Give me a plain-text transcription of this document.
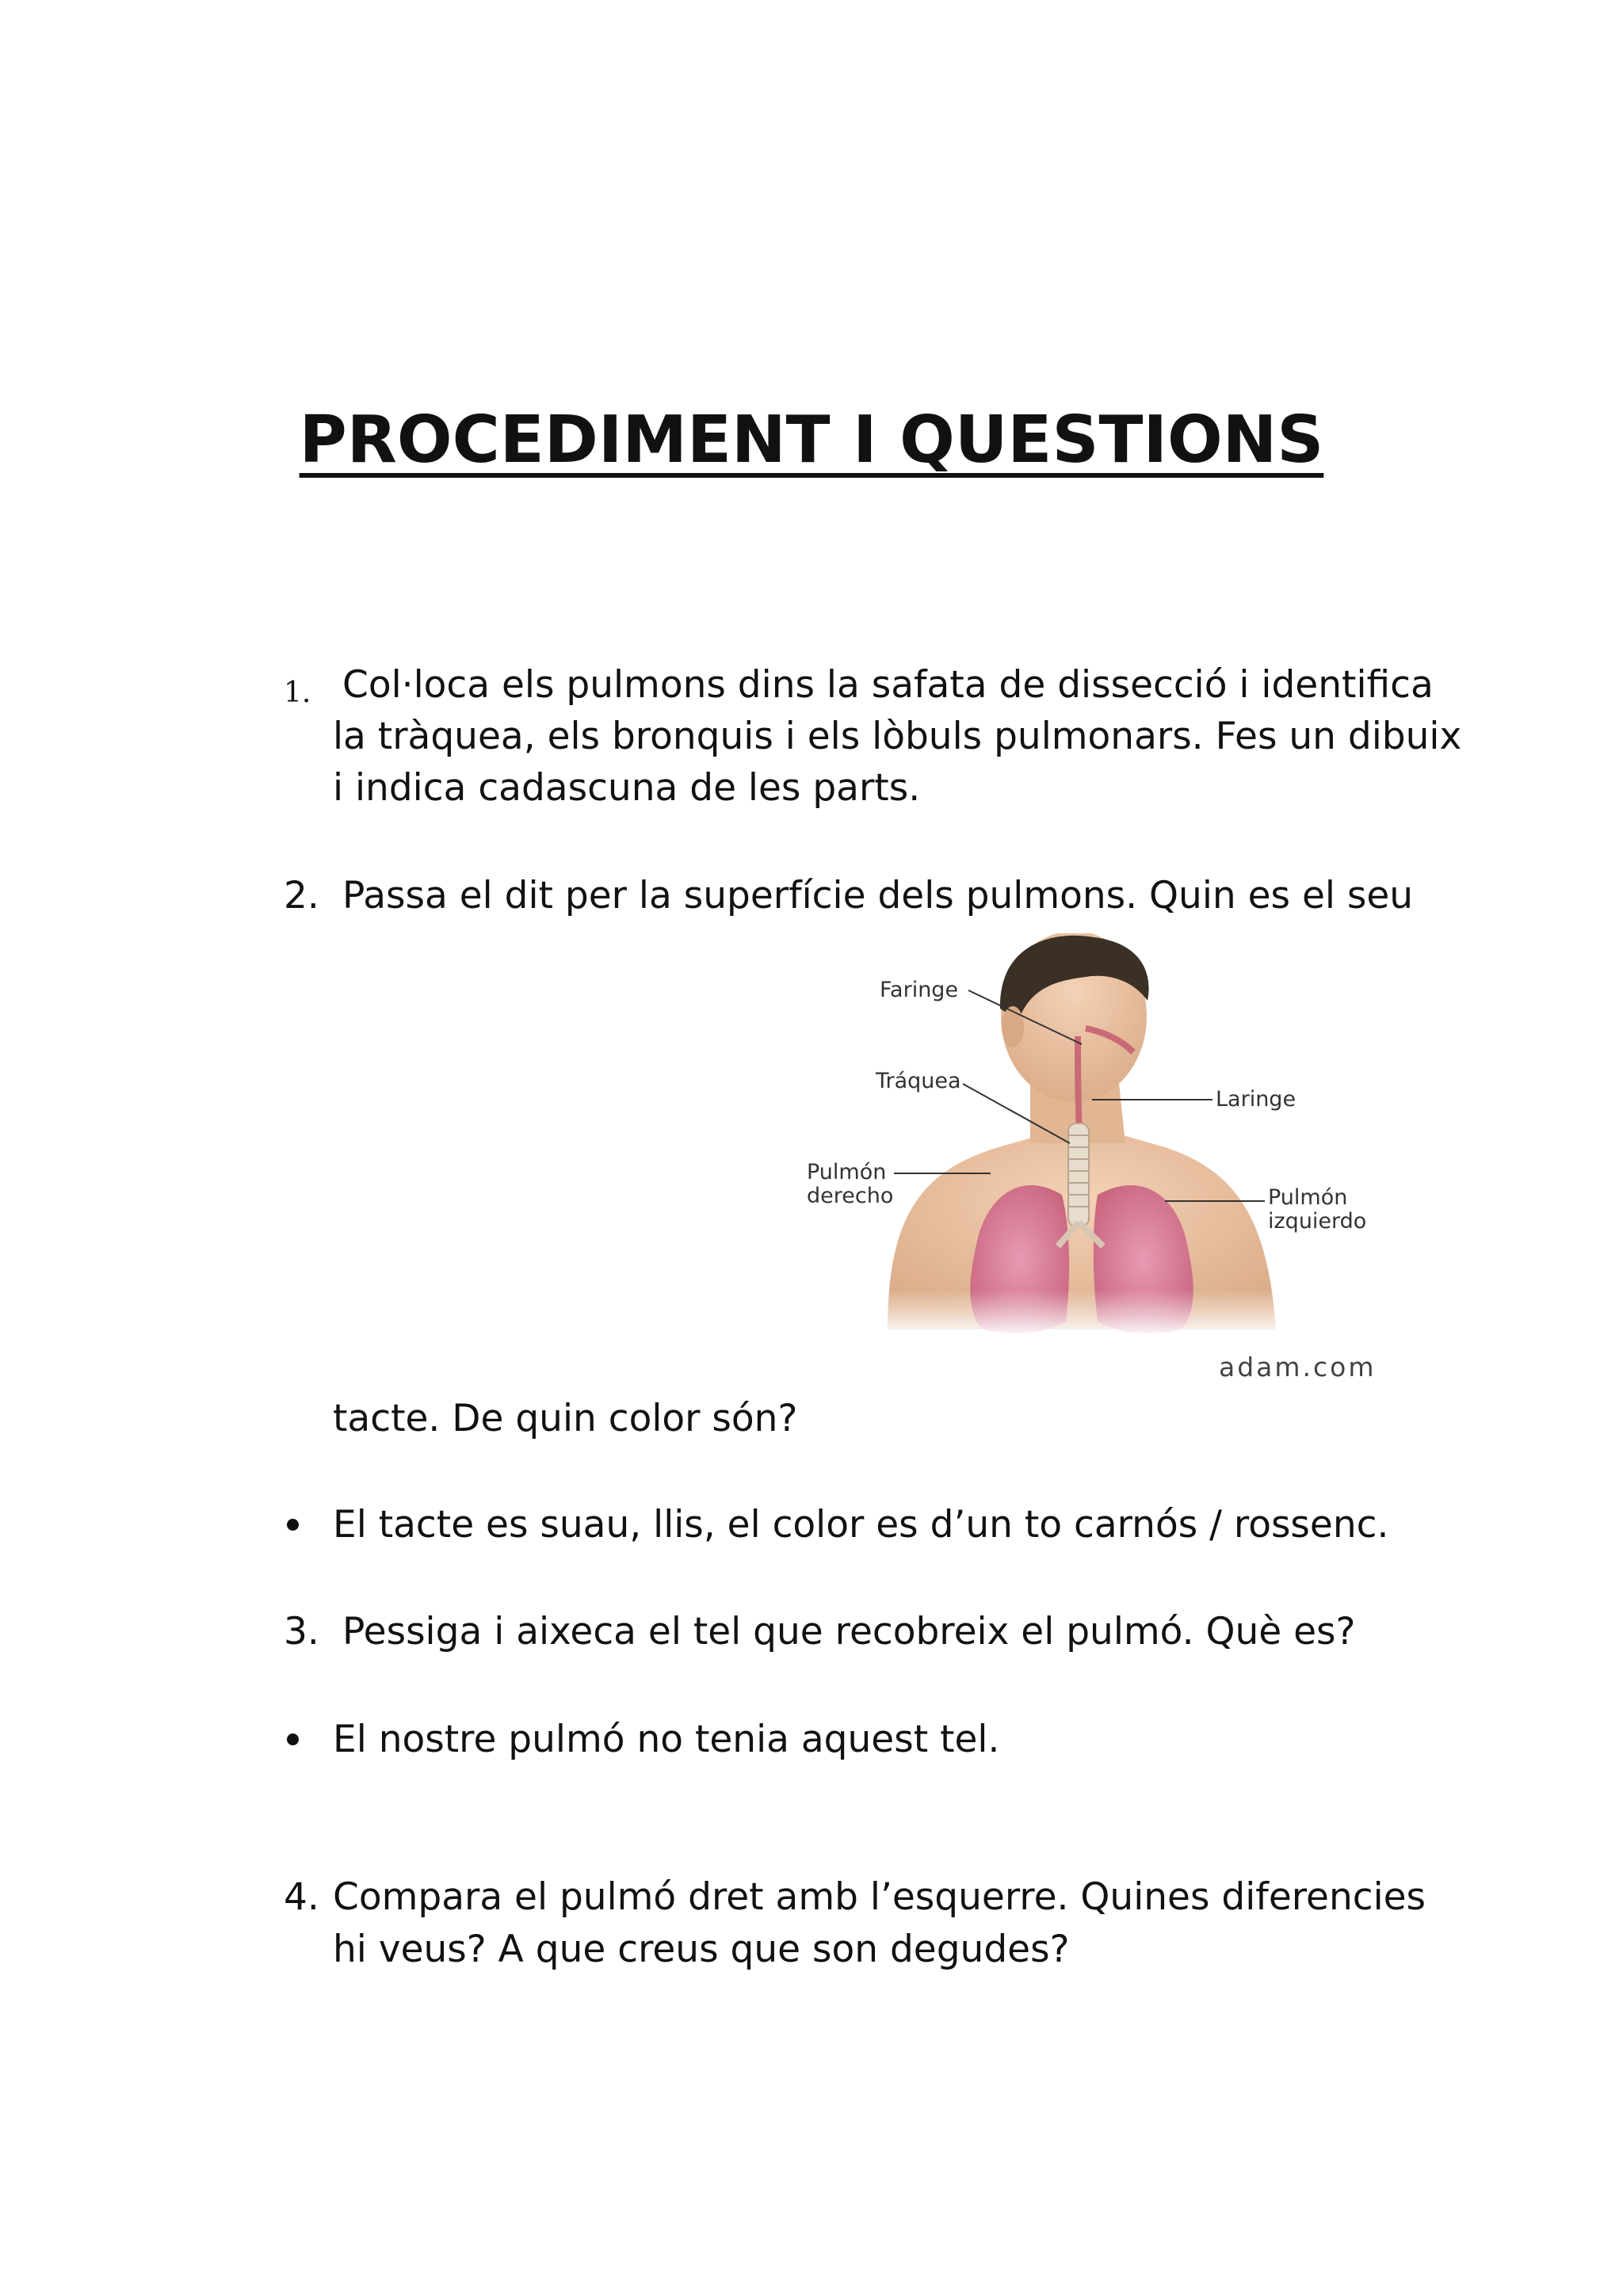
PROCEDIMENT I QUESTIONS
1. Col·loca els pulmons dins la safata de dissecció i identifica
la tràquea, els bronquis i els lòbuls pulmonars. Fes un dibuix
i indica cadascuna de les parts.
2. Passa el dit per la superfície dels pulmons. Quin es el seu
Faringe
Tráquea
Laringe
Pulmón
derecho	Pulmón
izquierdo
adam.com
tacte. De quin color són?
El tacte es suau, llis, el color es d’un to carnós / rossenc.
3. Pessiga i aixeca el tel que recobreix el pulmó. Què es?
El nostre pulmó no tenia aquest tel.
4. Compara el pulmó dret amb l’esquerre. Quines diferencies
hi veus? A que creus que son degudes?
